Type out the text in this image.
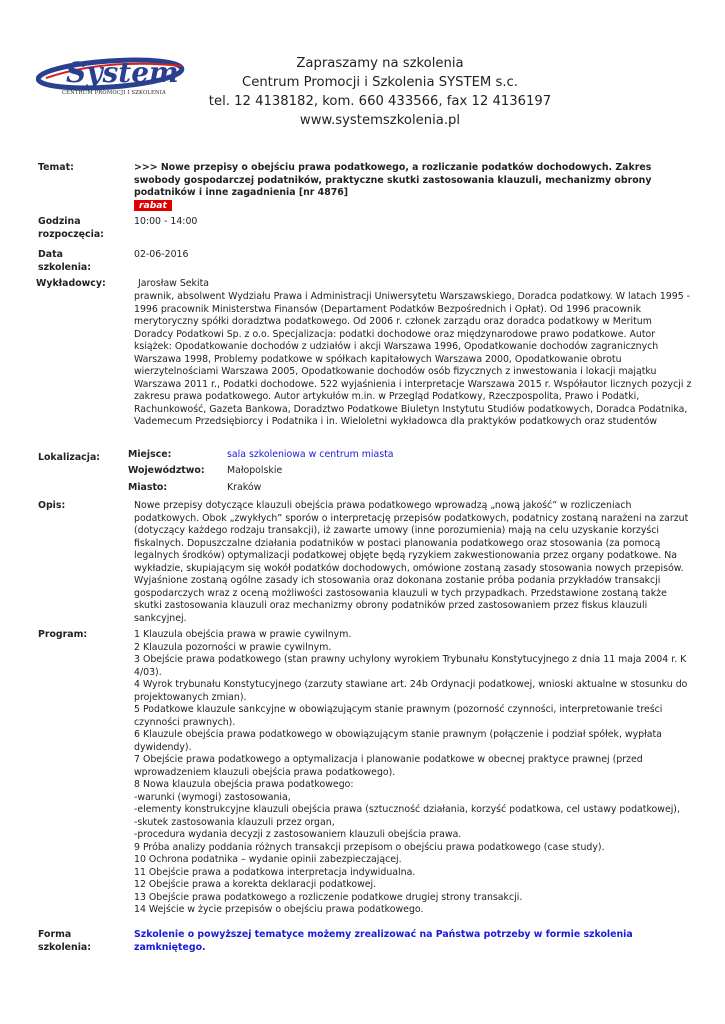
System
CENTRUM PROMOCJI I SZKOLENIA
Zapraszamy na szkolenia
Centrum Promocji i Szkolenia SYSTEM s.c.
tel. 12 4138182, kom. 660 433566, fax 12 4136197
www.systemszkolenia.pl
Temat:	>>> Nowe przepisy o obejściu prawa podatkowego, a rozliczanie podatków dochodowych. Zakres swobody gospodarczej podatników, praktyczne skutki zastosowania klauzuli, mechanizmy obrony podatników i inne zagadnienia [nr 4876]
rabat
Godzina
rozpoczęcia:
10:00 - 14:00
Data
szkolenia:
02-06-2016
Wykładowcy:	Jarosław Sekita
prawnik, absolwent Wydziału Prawa i Administracji Uniwersytetu Warszawskiego, Doradca podatkowy. W latach 1995 - 1996 pracownik Ministerstwa Finansów (Departament Podatków Bezpośrednich i Opłat). Od 1996 pracownik merytoryczny spółki doradztwa podatkowego. Od 2006 r. członek zarządu oraz doradca podatkowy w Meritum Doradcy Podatkowi Sp. z o.o. Specjalizacja: podatki dochodowe oraz międzynarodowe prawo podatkowe. Autor książek: Opodatkowanie dochodów z udziałów i akcji Warszawa 1996, Opodatkowanie dochodów zagranicznych Warszawa 1998, Problemy podatkowe w spółkach kapitałowych Warszawa 2000, Opodatkowanie obrotu wierzytelnościami Warszawa 2005, Opodatkowanie dochodów osób fizycznych z inwestowania i lokacji majątku Warszawa 2011 r., Podatki dochodowe. 522 wyjaśnienia i interpretacje Warszawa 2015 r. Współautor licznych pozycji z zakresu prawa podatkowego. Autor artykułów m.in. w Przegląd Podatkowy, Rzeczpospolita, Prawo i Podatki, Rachunkowość, Gazeta Bankowa, Doradztwo Podatkowe Biuletyn Instytutu Studiów podatkowych, Doradca Podatnika, Vademecum Przedsiębiorcy i Podatnika i in. Wieloletni wykładowca dla praktyków podatkowych oraz studentów
Lokalizacja:	Miejsce:	sala szkoleniowa w centrum miasta
Województwo: Małopolskie
Miasto:	Kraków
Opis:	Nowe przepisy dotyczące klauzuli obejścia prawa podatkowego wprowadzą „nową jakość” w rozliczeniach podatkowych. Obok „zwykłych” sporów o interpretację przepisów podatkowych, podatnicy zostaną narażeni na zarzut (dotyczący każdego rodzaju transakcji), iż zawarte umowy (inne porozumienia) mają na celu uzyskanie korzyści fiskalnych. Dopuszczalne działania podatników w postaci planowania podatkowego oraz stosowania (za pomocą legalnych środków) optymalizacji podatkowej objęte będą ryzykiem zakwestionowania przez organy podatkowe. Na wykładzie, skupiającym się wokół podatków dochodowych, omówione zostaną zasady stosowania nowych przepisów. Wyjaśnione zostaną ogólne zasady ich stosowania oraz dokonana zostanie próba podania przykładów transakcji gospodarczych wraz z oceną możliwości zastosowania klauzuli w tych przypadkach. Przedstawione zostaną także skutki zastosowania klauzuli oraz mechanizmy obrony podatników przed zastosowaniem przez fiskus klauzuli sankcyjnej.
Program:	1 Klauzula obejścia prawa w prawie cywilnym.

2 Klauzula pozorności w prawie cywilnym.

3 Obejście prawa podatkowego (stan prawny uchylony wyrokiem Trybunału Konstytucyjnego z dnia 11 maja 2004 r. K 4/03).

4 Wyrok trybunału Konstytucyjnego (zarzuty stawiane art. 24b Ordynacji podatkowej, wnioski aktualne w stosunku do projektowanych zmian).

5 Podatkowe klauzule sankcyjne w obowiązującym stanie prawnym (pozorność czynności, interpretowanie treści czynności prawnych).

6 Klauzule obejścia prawa podatkowego w obowiązującym stanie prawnym (połączenie i podział spółek, wypłata dywidendy).

7 Obejście prawa podatkowego a optymalizacja i planowanie podatkowe w obecnej praktyce prawnej (przed wprowadzeniem klauzuli obejścia prawa podatkowego).

8 Nowa klauzula obejścia prawa podatkowego:

-warunki (wymogi) zastosowania,

-elementy konstrukcyjne klauzuli obejścia prawa (sztuczność działania, korzyść podatkowa, cel ustawy podatkowej),

-skutek zastosowania klauzuli przez organ,

-procedura wydania decyzji z zastosowaniem klauzuli obejścia prawa.

9 Próba analizy poddania różnych transakcji przepisom o obejściu prawa podatkowego (case study).

10 Ochrona podatnika – wydanie opinii zabezpieczającej.

11 Obejście prawa a podatkowa interpretacja indywidualna.

12 Obejście prawa a korekta deklaracji podatkowej.

13 Obejście prawa podatkowego a rozliczenie podatkowe drugiej strony transakcji.

14 Wejście w życie przepisów o obejściu prawa podatkowego.

Forma
szkolenia:
Szkolenie o powyższej tematyce możemy zrealizować na Państwa potrzeby w formie szkolenia zamkniętego.
